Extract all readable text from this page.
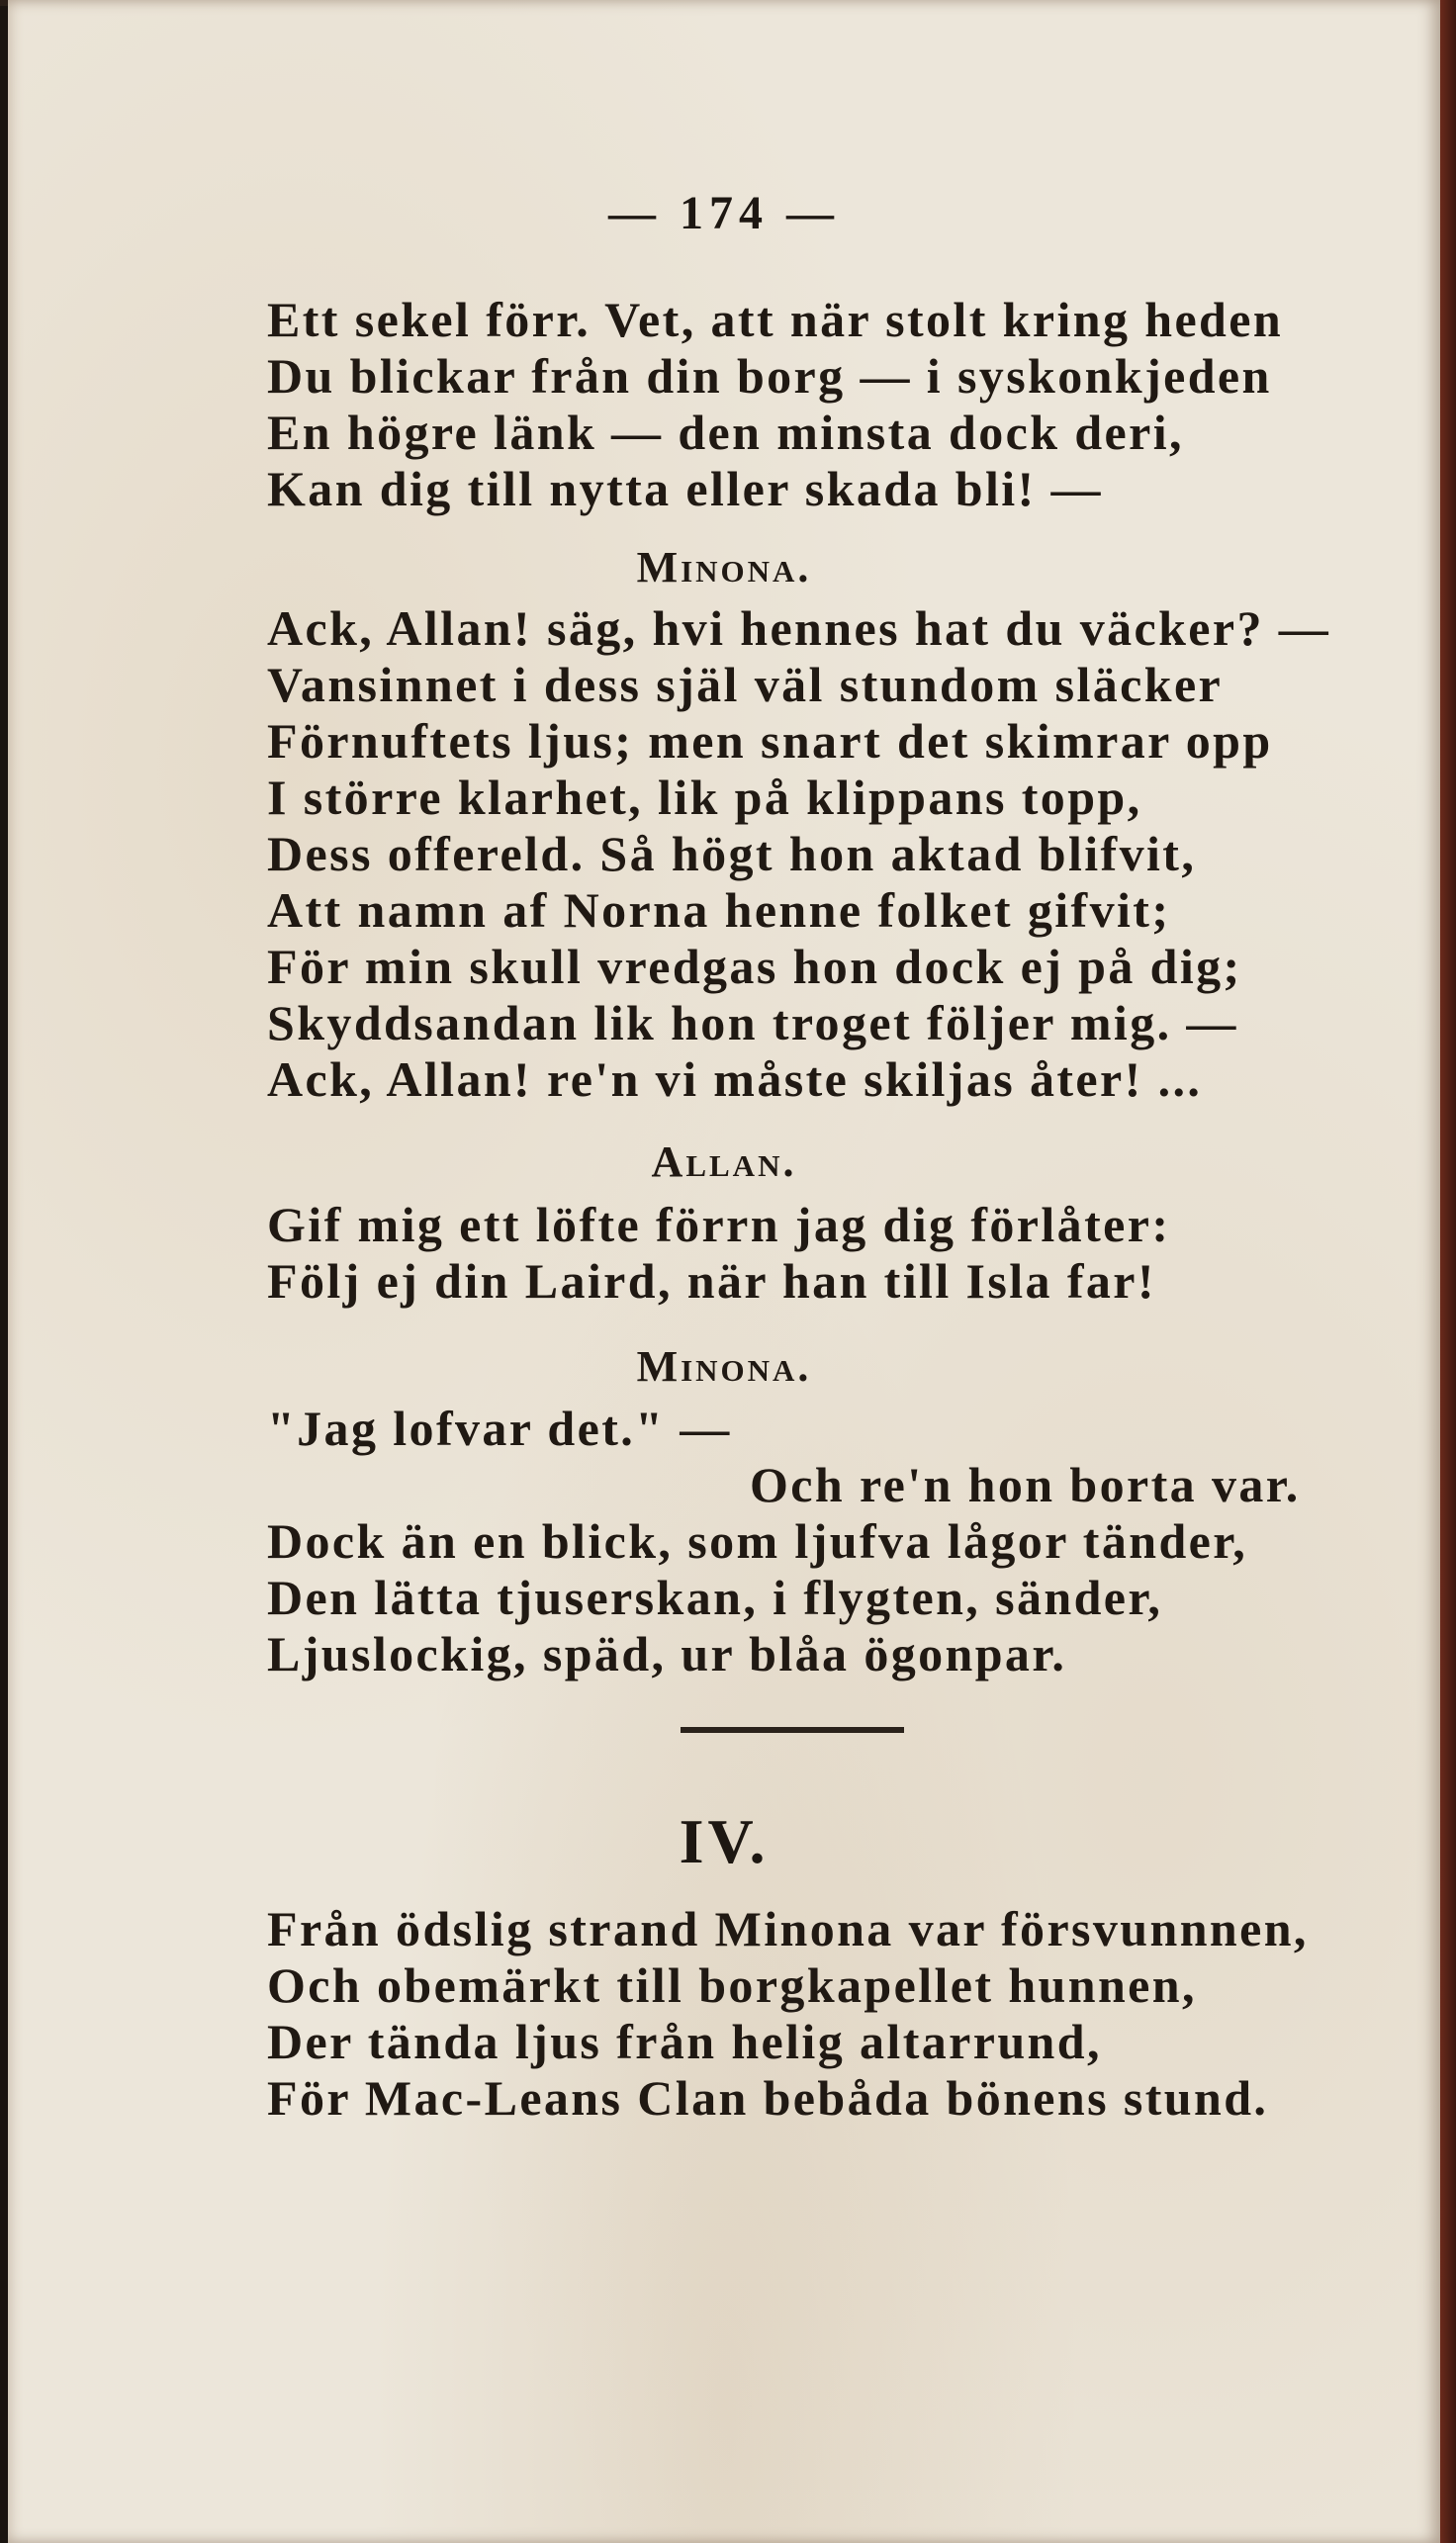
— 174 —
Ett sekel förr. Vet, att när stolt kring heden
Du blickar från din borg — i syskonkjeden
En högre länk — den minsta dock deri,
Kan dig till nytta eller skada bli! —
Minona.
Ack, Allan! säg, hvi hennes hat du väcker? —
Vansinnet i dess själ väl stundom släcker
Förnuftets ljus; men snart det skimrar opp
I större klarhet, lik på klippans topp,
Dess offereld. Så högt hon aktad blifvit,
Att namn af Norna henne folket gifvit;
För min skull vredgas hon dock ej på dig;
Skyddsandan lik hon troget följer mig. —
Ack, Allan! re'n vi måste skiljas åter! ...
Allan.
Gif mig ett löfte förrn jag dig förlåter:
Följ ej din Laird, när han till Isla far!
Minona.
"Jag lofvar det." —
Och re'n hon borta var.
Dock än en blick, som ljufva lågor tänder,
Den lätta tjuserskan, i flygten, sänder,
Ljuslockig, späd, ur blåa ögonpar.
IV.
Från ödslig strand Minona var försvunnnen,
Och obemärkt till borgkapellet hunnen,
Der tända ljus från helig altarrund,
För Mac-Leans Clan bebåda bönens stund.
